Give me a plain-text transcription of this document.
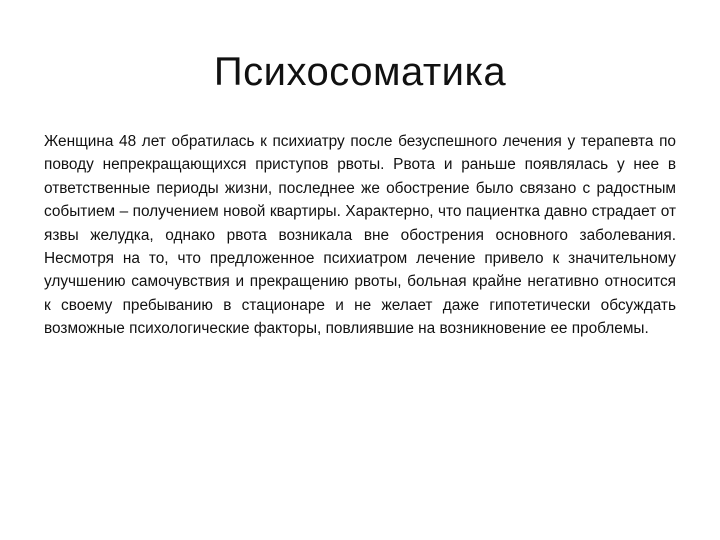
Психосоматика

Женщина 48 лет обратилась к психиатру после безуспешного лечения у терапевта по поводу непрекращающихся приступов рвоты. Рвота и раньше появлялась у нее в ответственные периоды жизни, последнее же обострение было связано с радостным событием – получением новой квартиры. Характерно, что пациентка давно страдает от язвы желудка, однако рвота возникала вне обострения основного заболевания. Несмотря на то, что предложенное психиатром лечение привело к значительному улучшению самочувствия и прекращению рвоты, больная крайне негативно относится к своему пребыванию в стационаре и не желает даже гипотетически обсуждать возможные психологические факторы, повлиявшие на возникновение ее проблемы.
